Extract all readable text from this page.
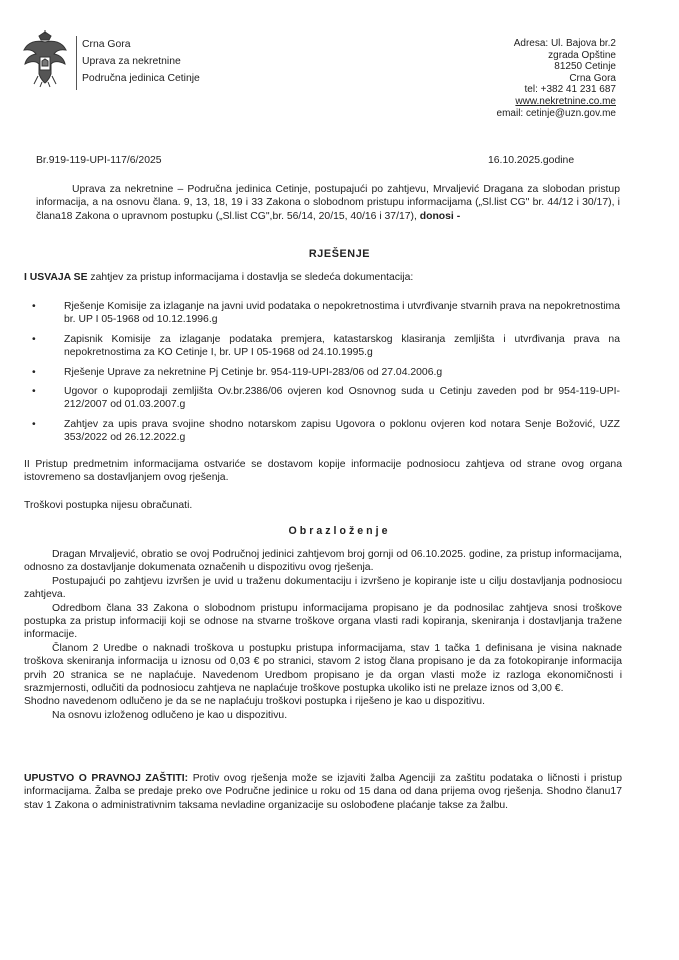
Crna Gora
Uprava za nekretnine
Područna jedinica Cetinje
Adresa: Ul. Bajova br.2
zgrada Opštine
81250 Cetinje
Crna Gora
tel: +382 41 231 687
www.nekretnine.co.me
email: cetinje@uzn.gov.me
Br.919-119-UPI-117/6/2025	16.10.2025.godine
Uprava za nekretnine – Područna jedinica Cetinje, postupajući po zahtjevu, Mrvaljević Dragana za slobodan pristup informacija, a na osnovu člana. 9, 13, 18, 19 i 33 Zakona o slobodnom pristupu informacijama („Sl.list CG" br. 44/12 i 30/17), i člana18 Zakona o upravnom postupku („Sl.list CG",br. 56/14, 20/15, 40/16 i 37/17), donosi -
RJEŠENJE
I USVAJA SE zahtjev za pristup informacijama i dostavlja se sledeća dokumentacija:
•	Rješenje Komisije za izlaganje na javni uvid podataka o nepokretnostima i utvrđivanje stvarnih prava na nepokretnostima br. UP I 05-1968 od 10.12.1996.g
•	Zapisnik Komisije za izlaganje podataka premjera, katastarskog klasiranja zemljišta i utvrđivanja prava na nepokretnostima za KO Cetinje I, br. UP I 05-1968 od 24.10.1995.g
•	Rješenje Uprave za nekretnine Pj Cetinje br. 954-119-UPI-283/06 od 27.04.2006.g
•	Ugovor o kupoprodaji zemljišta Ov.br.2386/06 ovjeren kod Osnovnog suda u Cetinju zaveden pod br 954-119-UPI-212/2007 od 01.03.2007.g
•	Zahtjev za upis prava svojine shodno notarskom zapisu Ugovora o poklonu ovjeren kod notara Senje Božović, UZZ 353/2022 od 26.12.2022.g
II Pristup predmetnim informacijama ostvariće se dostavom kopije informacije podnosiocu zahtjeva od strane ovog organa istovremeno sa dostavljanjem ovog rješenja.
Troškovi postupka nijesu obračunati.
Obrazloženje
Dragan Mrvaljević, obratio se ovoj Područnoj jedinici zahtjevom broj gornji od 06.10.2025. godine, za pristup informacijama, odnosno za dostavljanje dokumenata označenih u dispozitivu ovog rješenja.
Postupajući po zahtjevu izvršen je uvid u traženu dokumentaciju i izvršeno je kopiranje iste u cilju dostavljanja podnosiocu zahtjeva.
Odredbom člana 33 Zakona o slobodnom pristupu informacijama propisano je da podnosilac zahtjeva snosi troškove postupka za pristup informaciji koji se odnose na stvarne troškove organa vlasti radi kopiranja, skeniranja i dostavljanja tražene informacije.
Članom 2 Uredbe o naknadi troškova u postupku pristupa informacijama, stav 1 tačka 1 definisana je visina naknade troškova skeniranja informacija u iznosu od 0,03 € po stranici, stavom 2 istog člana propisano je da za fotokopiranje informacija prvih 20 stranica se ne naplaćuje. Navedenom Uredbom propisano je da organ vlasti može iz razloga ekonomičnosti i srazmjernosti, odlučiti da podnosiocu zahtjeva ne naplaćuje troškove postupka ukoliko isti ne prelaze iznos od 3,00 €.
Shodno navedenom odlučeno je da se ne naplaćuju troškovi postupka i riješeno je kao u dispozitivu.
Na osnovu izloženog odlučeno je kao u dispozitivu.
UPUSTVO O PRAVNOJ ZAŠTITI: Protiv ovog rješenja može se izjaviti žalba Agenciji za zaštitu podataka o ličnosti i pristup informacijama. Žalba se predaje preko ove Područne jedinice u roku od 15 dana od dana prijema ovog rješenja. Shodno članu17 stav 1 Zakona o administrativnim taksama nevladine organizacije su oslobođene plaćanje takse za žalbu.
